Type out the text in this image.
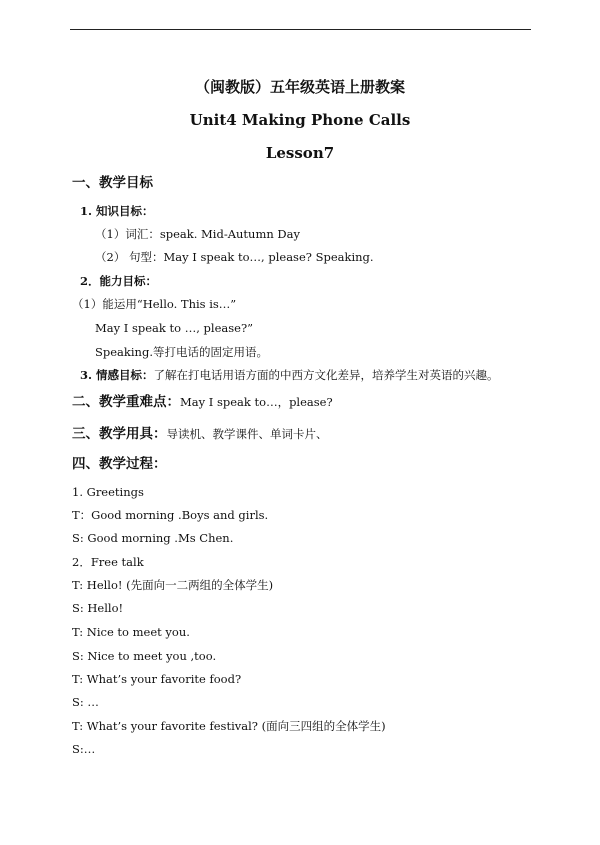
（闽教版）五年级英语上册教案
Unit4 Making Phone Calls
Lesson7
一、教学目标
1. 知识目标：
（1）词汇：speak. Mid-Autumn Day
（2） 句型：May I speak to…, please? Speaking.
2．能力目标：
（1）能运用“Hello. This is…”
May I speak to …, please?”
Speaking.等打电话的固定用语。
3. 情感目标：了解在打电话用语方面的中西方文化差异，培养学生对英语的兴趣。
二、教学重难点：May I speak to…，please?
三、教学用具：导读机、教学课件、单词卡片、
四、教学过程：
1. Greetings
T：Good morning .Boys and girls.
S: Good morning .Ms Chen.
2．Free talk
T: Hello! (先面向一二两组的全体学生)
S: Hello!
T: Nice to meet you.
S: Nice to meet you ,too.
T: What’s your favorite food?
S: …
T: What’s your favorite festival? (面向三四组的全体学生)
S:…
